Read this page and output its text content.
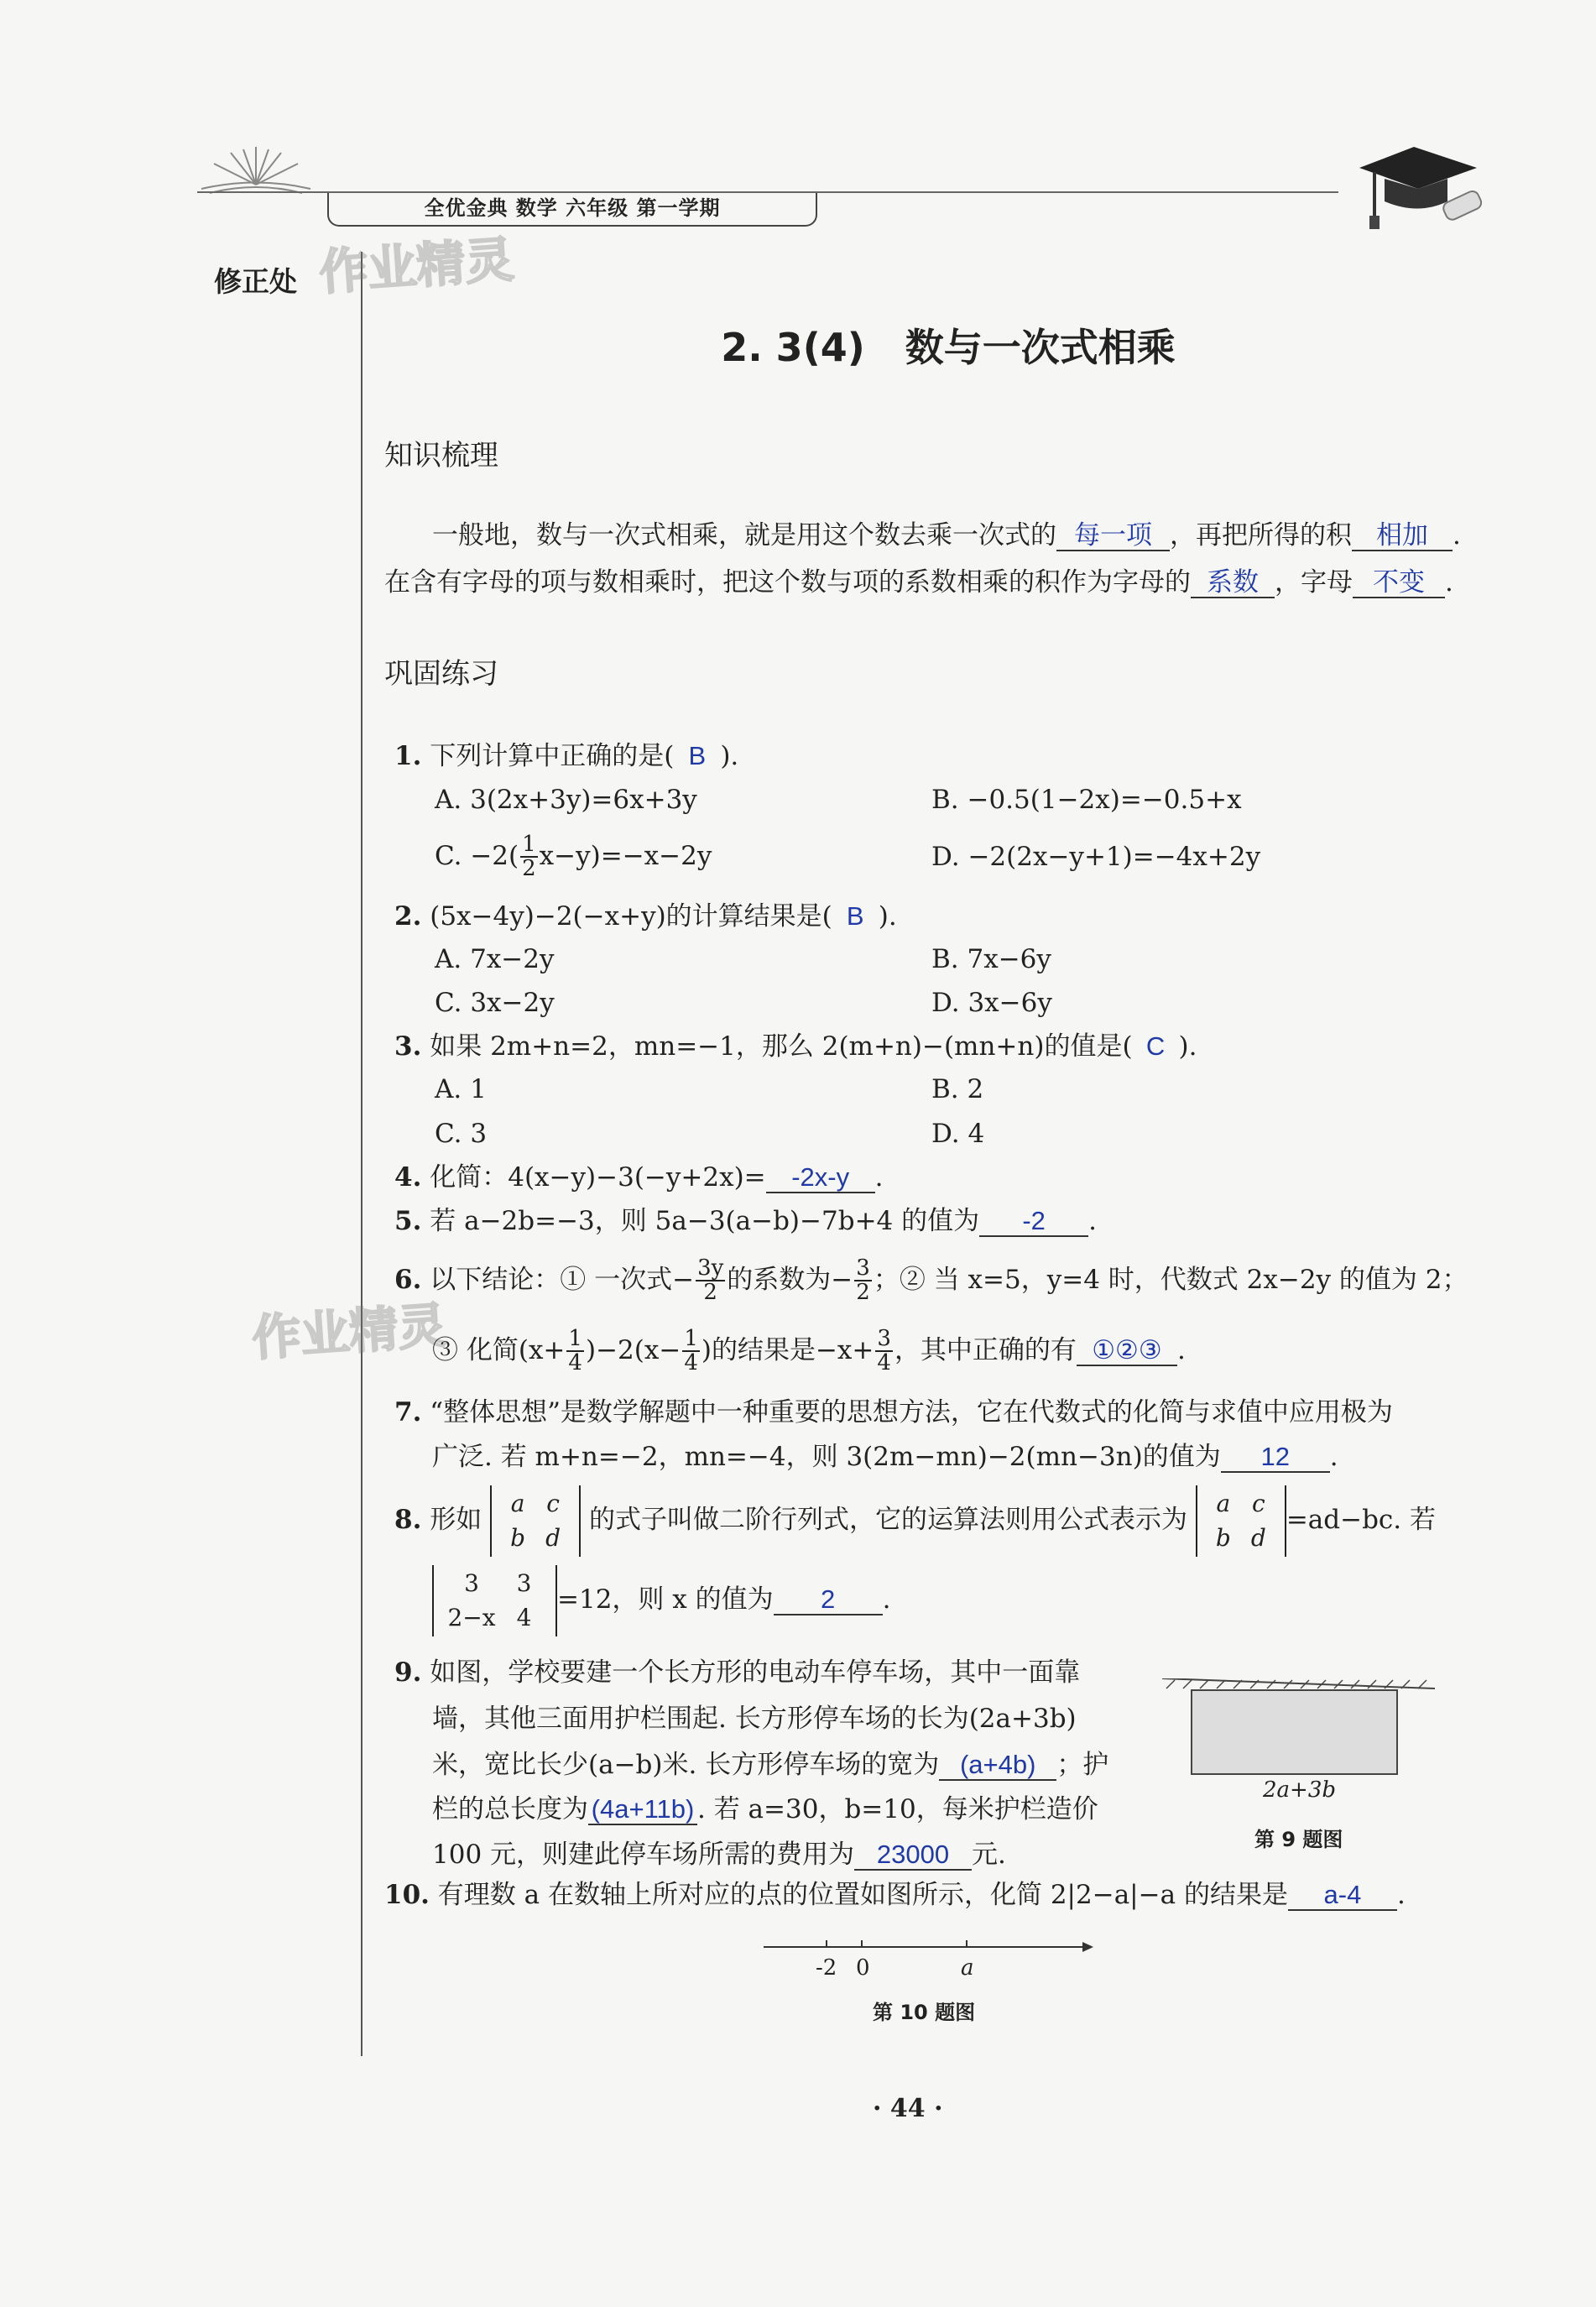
全优金典 数学 六年级 第一学期
修正处 作业精灵
作业精灵
2. 3(4) 数与一次式相乘
知识梳理
一般地，数与一次式相乘，就是用这个数去乘一次式的 每一项 ，再把所得的积 相加 .
在含有字母的项与数相乘时，把这个数与项的系数相乘的积作为字母的 系数 ，字母 不变 .
巩固练习
1. 下列计算中正确的是( B ).
A. 3(2x+3y)=6x+3y	B. −0.5(1−2x)=−0.5+x
C. $-2( \frac{1}{2} x-y)=-x-2y$	D. −2(2x−y+1)=−4x+2y
2. (5x−4y)−2(−x+y)的计算结果是( B ).
A. 7x−2y	B. 7x−6y
C. 3x−2y	D. 3x−6y
3. 如果 2m+n=2，mn=−1，那么 2(m+n)−(mn+n)的值是( C ).
A. 1	B. 2
C. 3	D. 4
4. 化简：4(x−y)−3(−y+2x)= -2x-y .
5. 若 a−2b=−3，则 5a−3(a−b)−7b+4 的值为 -2 .
6. 以下结论：① 一次式− $\frac{3y}{2}$ 的系数为− $\frac{3}{2}$ ；② 当 x=5，y=4 时，代数式 2x−2y 的值为 2；
③ 化简$(x+ \frac{1}{4} )-2(x- \frac{1}{4}$ )的结果是$-x+ \frac{3}{4}$ ，其中正确的有 ①②③ .
7. “整体思想”是数学解题中一种重要的思想方法，它在代数式的化简与求值中应用极为
广泛. 若 m+n=−2，mn=−4，则 3(2m−mn)−2(mn−3n)的值为 12 .
8. 形如
a c
b d
的式子叫做二阶行列式，它的运算法则用公式表示为
a c
b d
=ad−bc. 若
3 3
2−x 4
=12，则 x 的值为 2 .
9. 如图，学校要建一个长方形的电动车停车场，其中一面靠
墙，其他三面用护栏围起. 长方形停车场的长为(2a+3b)
米，宽比长少(a−b)米. 长方形停车场的宽为 (a+4b) ；护
栏的总长度为 (4a+11b) . 若 a=30，b=10，每米护栏造价
100 元，则建此停车场所需的费用为 23000 元.
2a+3b
第 9 题图
10. 有理数 a 在数轴上所对应的点的位置如图所示，化简 2|2−a|−a 的结果是 a-4 .
-2 0	a
第 10 题图
· 44 ·
